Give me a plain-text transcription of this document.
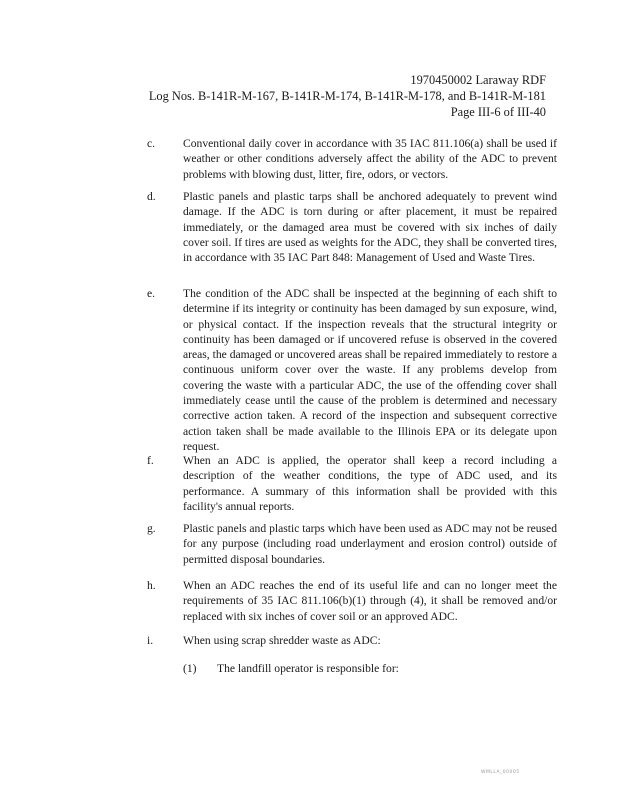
1970450002 Laraway RDF
Log Nos. B-141R-M-167, B-141R-M-174, B-141R-M-178, and B-141R-M-181
Page III-6 of III-40
c. Conventional daily cover in accordance with 35 IAC 811.106(a) shall be used if weather or other conditions adversely affect the ability of the ADC to prevent problems with blowing dust, litter, fire, odors, or vectors.
d. Plastic panels and plastic tarps shall be anchored adequately to prevent wind damage. If the ADC is torn during or after placement, it must be repaired immediately, or the damaged area must be covered with six inches of daily cover soil. If tires are used as weights for the ADC, they shall be converted tires, in accordance with 35 IAC Part 848: Management of Used and Waste Tires.
e. The condition of the ADC shall be inspected at the beginning of each shift to determine if its integrity or continuity has been damaged by sun exposure, wind, or physical contact. If the inspection reveals that the structural integrity or continuity has been damaged or if uncovered refuse is observed in the covered areas, the damaged or uncovered areas shall be repaired immediately to restore a continuous uniform cover over the waste. If any problems develop from covering the waste with a particular ADC, the use of the offending cover shall immediately cease until the cause of the problem is determined and necessary corrective action taken. A record of the inspection and subsequent corrective action taken shall be made available to the Illinois EPA or its delegate upon request.
f.	When an ADC is applied, the operator shall keep a record including a description of the weather conditions, the type of ADC used, and its performance. A summary of this information shall be provided with this facility's annual reports.
g. Plastic panels and plastic tarps which have been used as ADC may not be reused for any purpose (including road underlayment and erosion control) outside of permitted disposal boundaries.
h. When an ADC reaches the end of its useful life and can no longer meet the requirements of 35 IAC 811.106(b)(1) through (4), it shall be removed and/or replaced with six inches of cover soil or an approved ADC.
i.	When using scrap shredder waste as ADC:
(1) The landfill operator is responsible for:
WMLLA_00005
